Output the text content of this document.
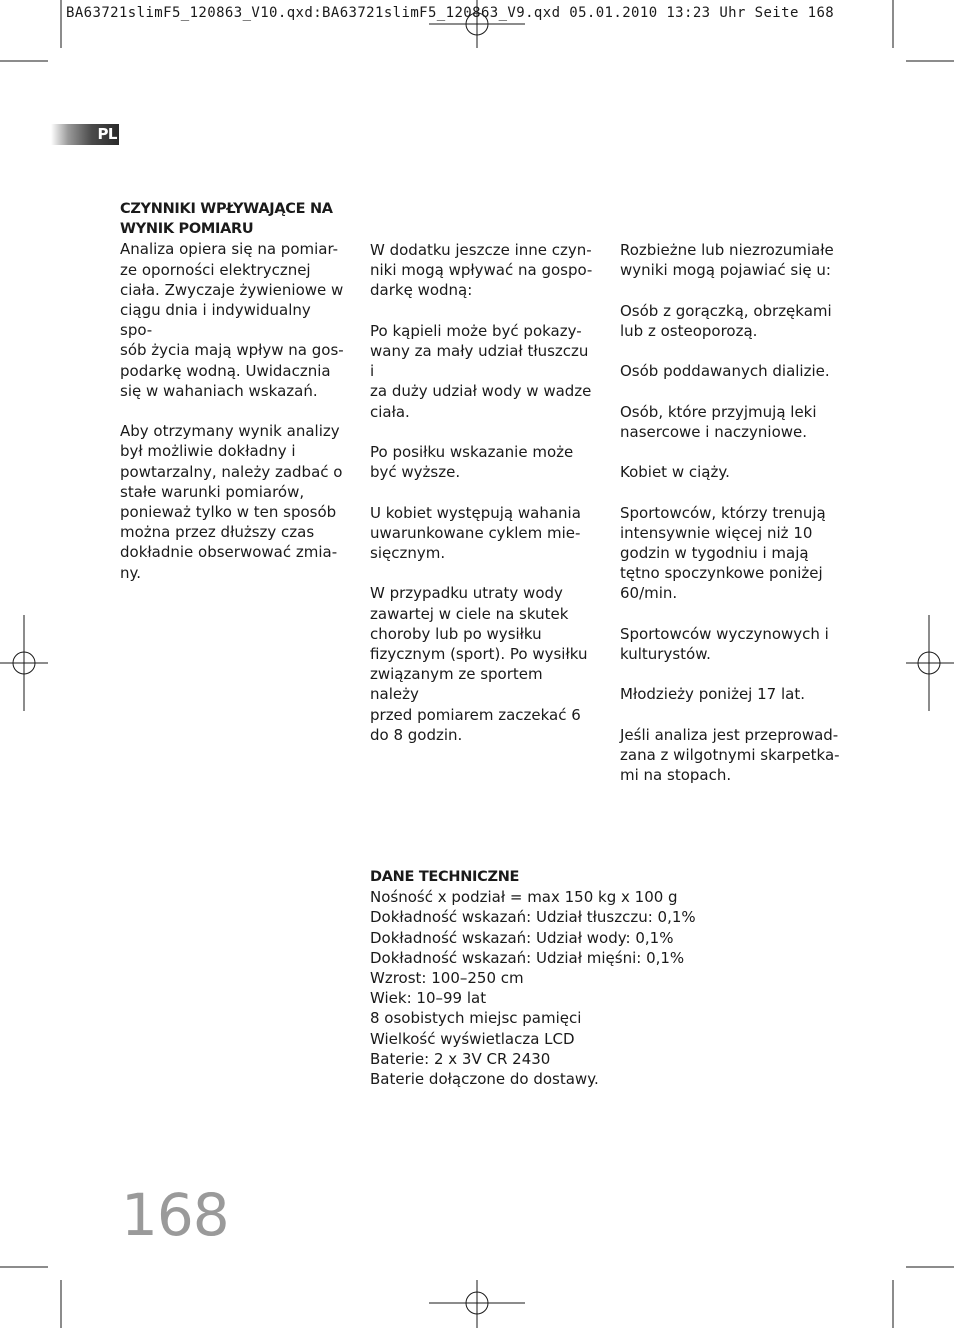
BA63721slimF5_120863_V10.qxd:BA63721slimF5_120863_V9.qxd 05.01.2010 13:23 Uhr Seite 168
PL
CZYNNIKI WPŁYWAJĄCE NA
WYNIK POMIARU

Analiza opiera się na pomiar-
ze oporności elektrycznej
ciała. Zwyczaje żywieniowe w
ciągu dnia i indywidualny spo-
sób życia mają wpływ na gos-
podarkę wodną. Uwidacznia
się w wahaniach wskazań.

Aby otrzymany wynik analizy
był możliwie dokładny i
powtarzalny, należy zadbać o
stałe warunki pomiarów,
ponieważ tylko w ten sposób
można przez dłuższy czas
dokładnie obserwować zmia-
ny.

W dodatku jeszcze inne czyn-
niki mogą wpływać na gospo-
darkę wodną:

Po kąpieli może być pokazy-
wany za mały udział tłuszczu i
za duży udział wody w wadze
ciała.

Po posiłku wskazanie może
być wyższe.

U kobiet występują wahania
uwarunkowane cyklem mie-
sięcznym.

W przypadku utraty wody
zawartej w ciele na skutek
choroby lub po wysiłku
fizycznym (sport). Po wysiłku
związanym ze sportem należy
przed pomiarem zaczekać 6
do 8 godzin.

Rozbieżne lub niezrozumiałe
wyniki mogą pojawiać się u:

Osób z gorączką, obrzękami
lub z osteoporozą.

Osób poddawanych dializie.

Osób, które przyjmują leki
nasercowe i naczyniowe.

Kobiet w ciąży.

Sportowców, którzy trenują
intensywnie więcej niż 10
godzin w tygodniu i mają
tętno spoczynkowe poniżej
60/min.

Sportowców wyczynowych i
kulturystów.

Młodzieży poniżej 17 lat.

Jeśli analiza jest przeprowad-
zana z wilgotnymi skarpetka-
mi na stopach.

DANE TECHNICZNE
Nośność x podział = max 150 kg x 100 g
Dokładność wskazań: Udział tłuszczu: 0,1%
Dokładność wskazań: Udział wody: 0,1%
Dokładność wskazań: Udział mięśni: 0,1%
Wzrost: 100–250 cm
Wiek: 10–99 lat
8 osobistych miejsc pamięci
Wielkość wyświetlacza LCD
Baterie: 2 x 3V CR 2430
Baterie dołączone do dostawy.
168
